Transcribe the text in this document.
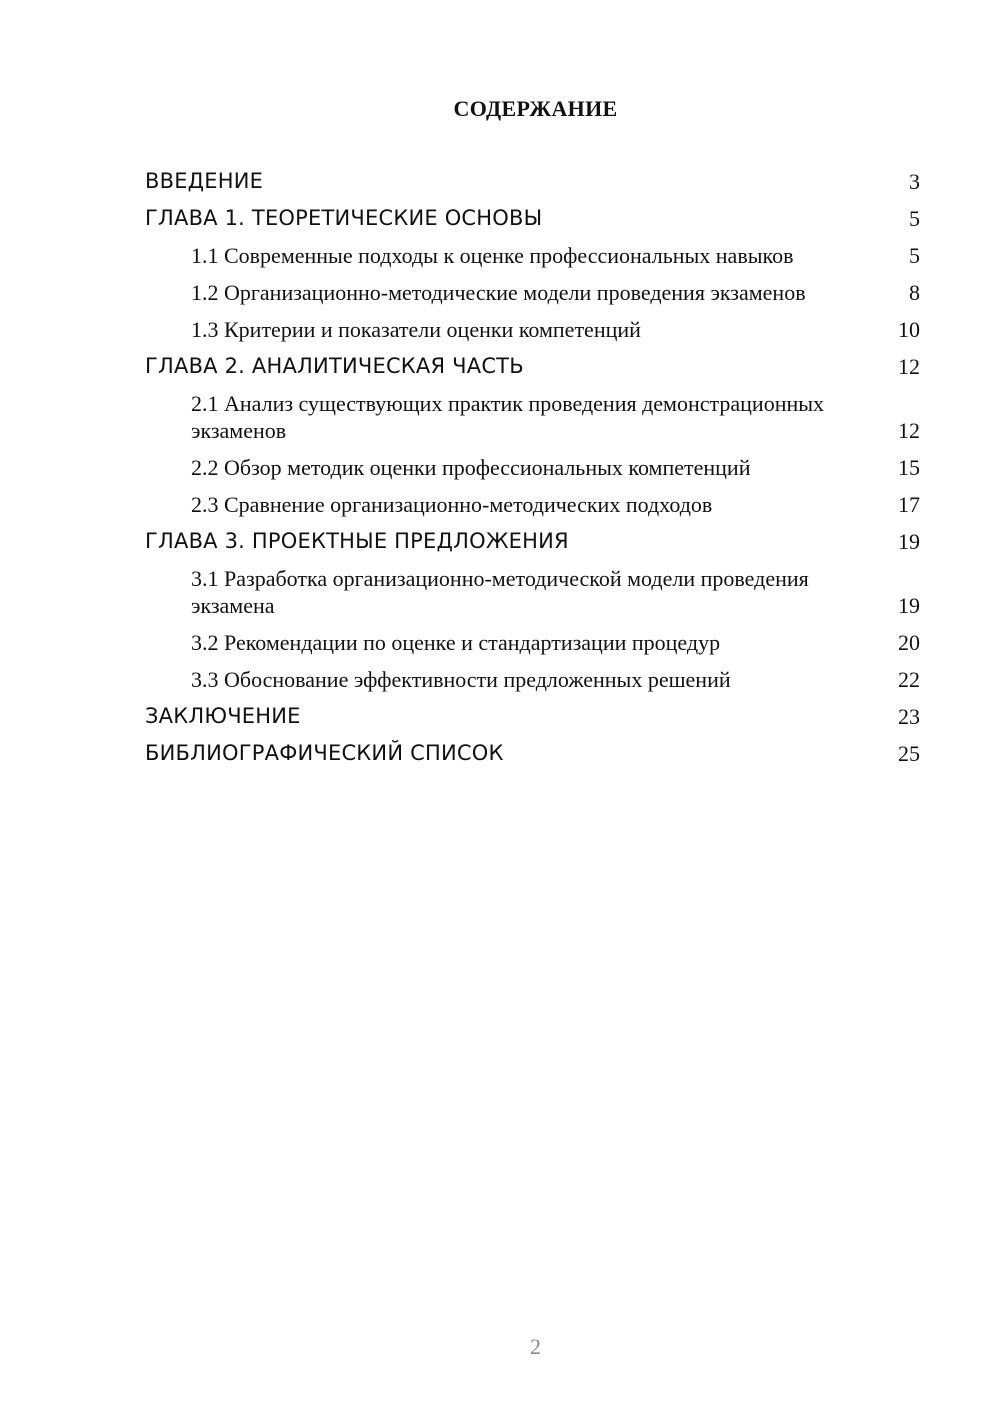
СОДЕРЖАНИЕ
ВВЕДЕНИЕ	3
ГЛАВА 1. ТЕОРЕТИЧЕСКИЕ ОСНОВЫ	5
1.1 Современные подходы к оценке профессиональных навыков	5
1.2 Организационно-методические модели проведения экзаменов	8
1.3 Критерии и показатели оценки компетенций	10
ГЛАВА 2. АНАЛИТИЧЕСКАЯ ЧАСТЬ	12
2.1 Анализ существующих практик проведения демонстрационных экзаменов	12
2.2 Обзор методик оценки профессиональных компетенций	15
2.3 Сравнение организационно-методических подходов	17
ГЛАВА 3. ПРОЕКТНЫЕ ПРЕДЛОЖЕНИЯ	19
3.1 Разработка организационно-методической модели проведения экзамена	19
3.2 Рекомендации по оценке и стандартизации процедур	20
3.3 Обоснование эффективности предложенных решений	22
ЗАКЛЮЧЕНИЕ	23
БИБЛИОГРАФИЧЕСКИЙ СПИСОК	25
2
